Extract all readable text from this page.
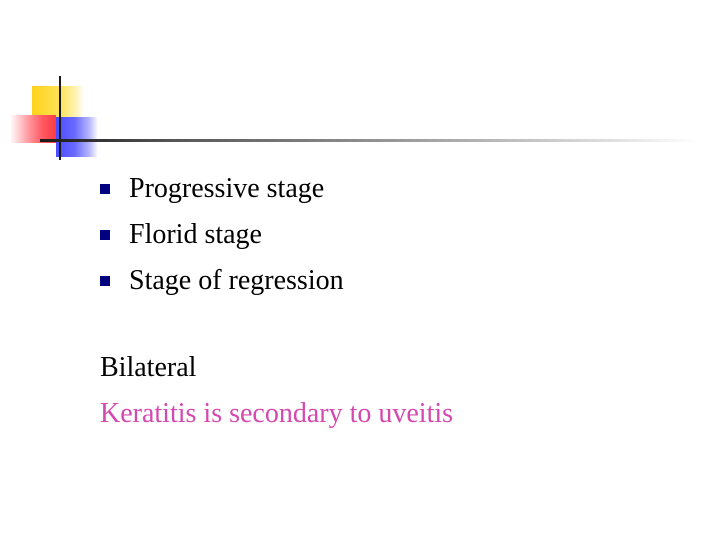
Progressive stage
Florid stage
Stage of regression
Bilateral
Keratitis is secondary to uveitis
